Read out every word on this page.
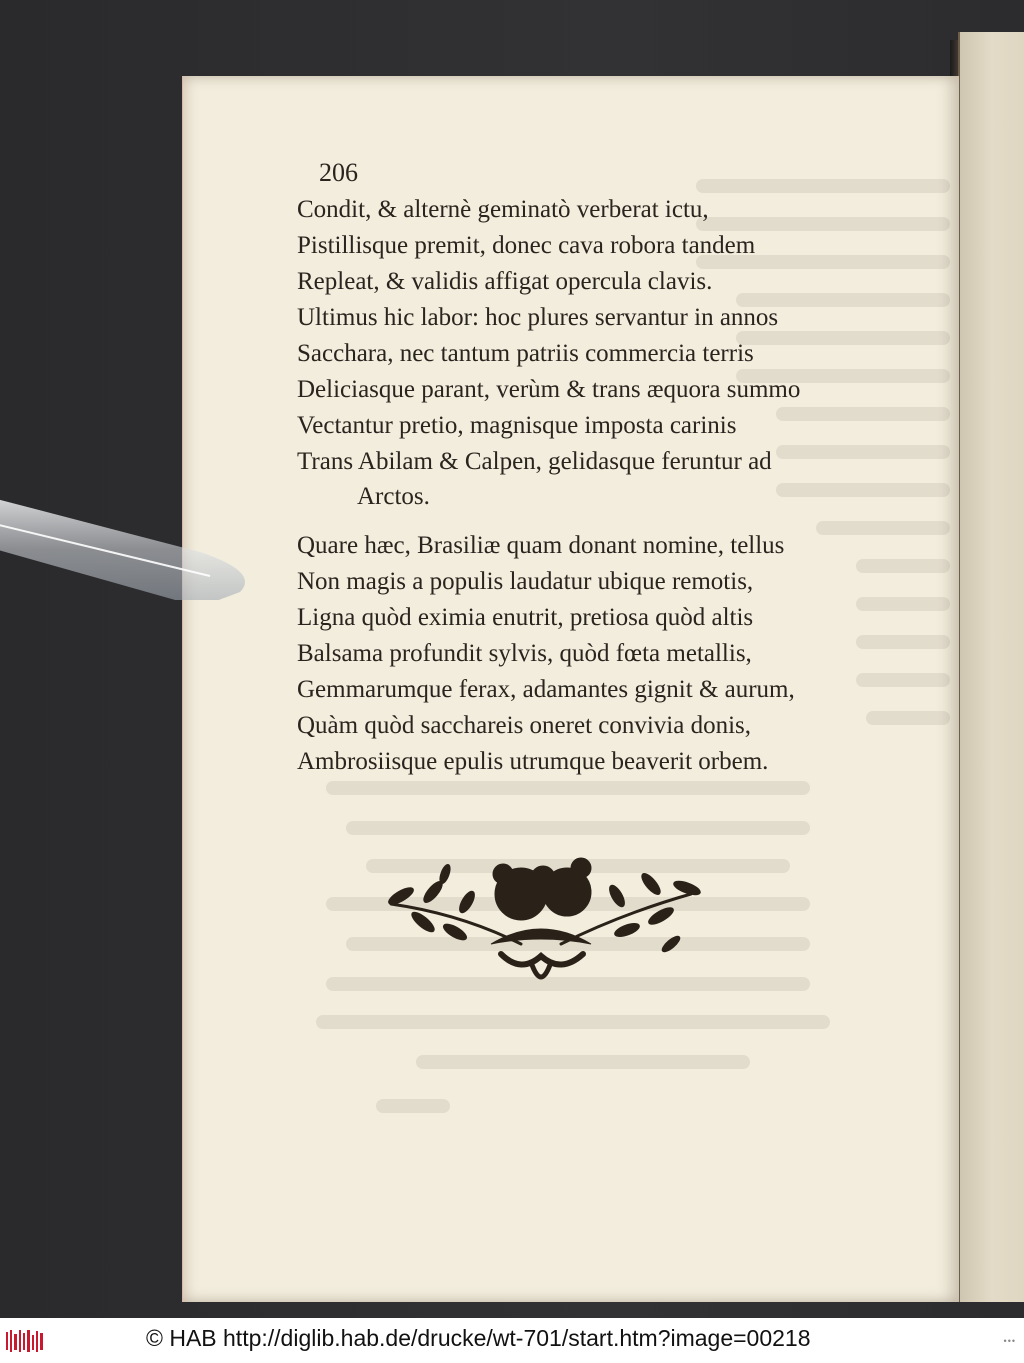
206
Condit, & alternè geminatò verberat ictu,
Pistillisque premit, donec cava robora tandem
Repleat, & validis affigat opercula clavis.
Ultimus hic labor: hoc plures servantur in annos
Sacchara, nec tantum patriis commercia terris
Deliciasque parant, verùm & trans æquora summo
Vectantur pretio, magnisque imposta carinis
Trans Abilam & Calpen, gelidasque feruntur ad
Arctos.
Quare hæc, Brasiliæ quam donant nomine, tellus
Non magis a populis laudatur ubique remotis,
Ligna quòd eximia enutrit, pretiosa quòd altis
Balsama profundit sylvis, quòd fœta metallis,
Gemmarumque ferax, adamantes gignit & aurum,
Quàm quòd sacchareis oneret convivia donis,
Ambrosiisque epulis utrumque beaverit orbem.
© HAB http://diglib.hab.de/drucke/wt-701/start.htm?image=00218	•••
